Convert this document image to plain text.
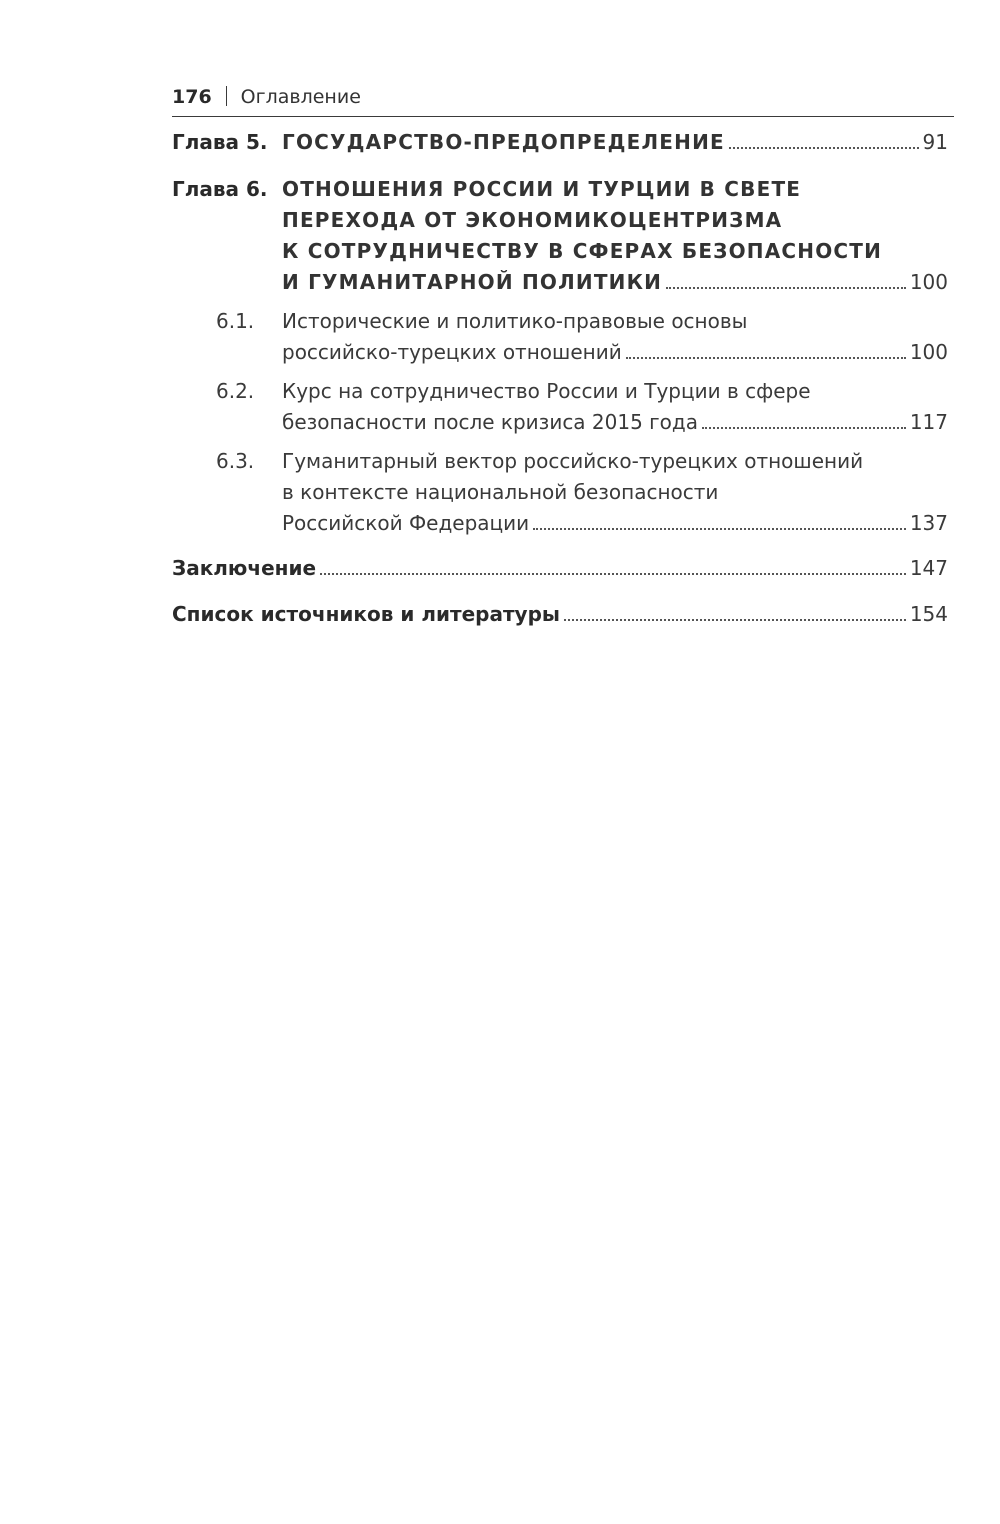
176 Оглавление
Глава 5. ГОСУДАРСТВО-ПРЕДОПРЕДЕЛЕНИЕ	91
Глава 6. ОТНОШЕНИЯ РОССИИ И ТУРЦИИ В СВЕТЕ
ПЕРЕХОДА ОТ ЭКОНОМИКОЦЕНТРИЗМА
К СОТРУДНИЧЕСТВУ В СФЕРАХ БЕЗОПАСНОСТИ
И ГУМАНИТАРНОЙ ПОЛИТИКИ	100
6.1.	Исторические и политико-правовые основы
российско-турецких отношений	100
6.2.	Курс на сотрудничество России и Турции в сфере
безопасности после кризиса 2015 года	117
6.3.	Гуманитарный вектор российско-турецких отношений
в контексте национальной безопасности
Российской Федерации	137
Заключение	147
Список источников и литературы	154
